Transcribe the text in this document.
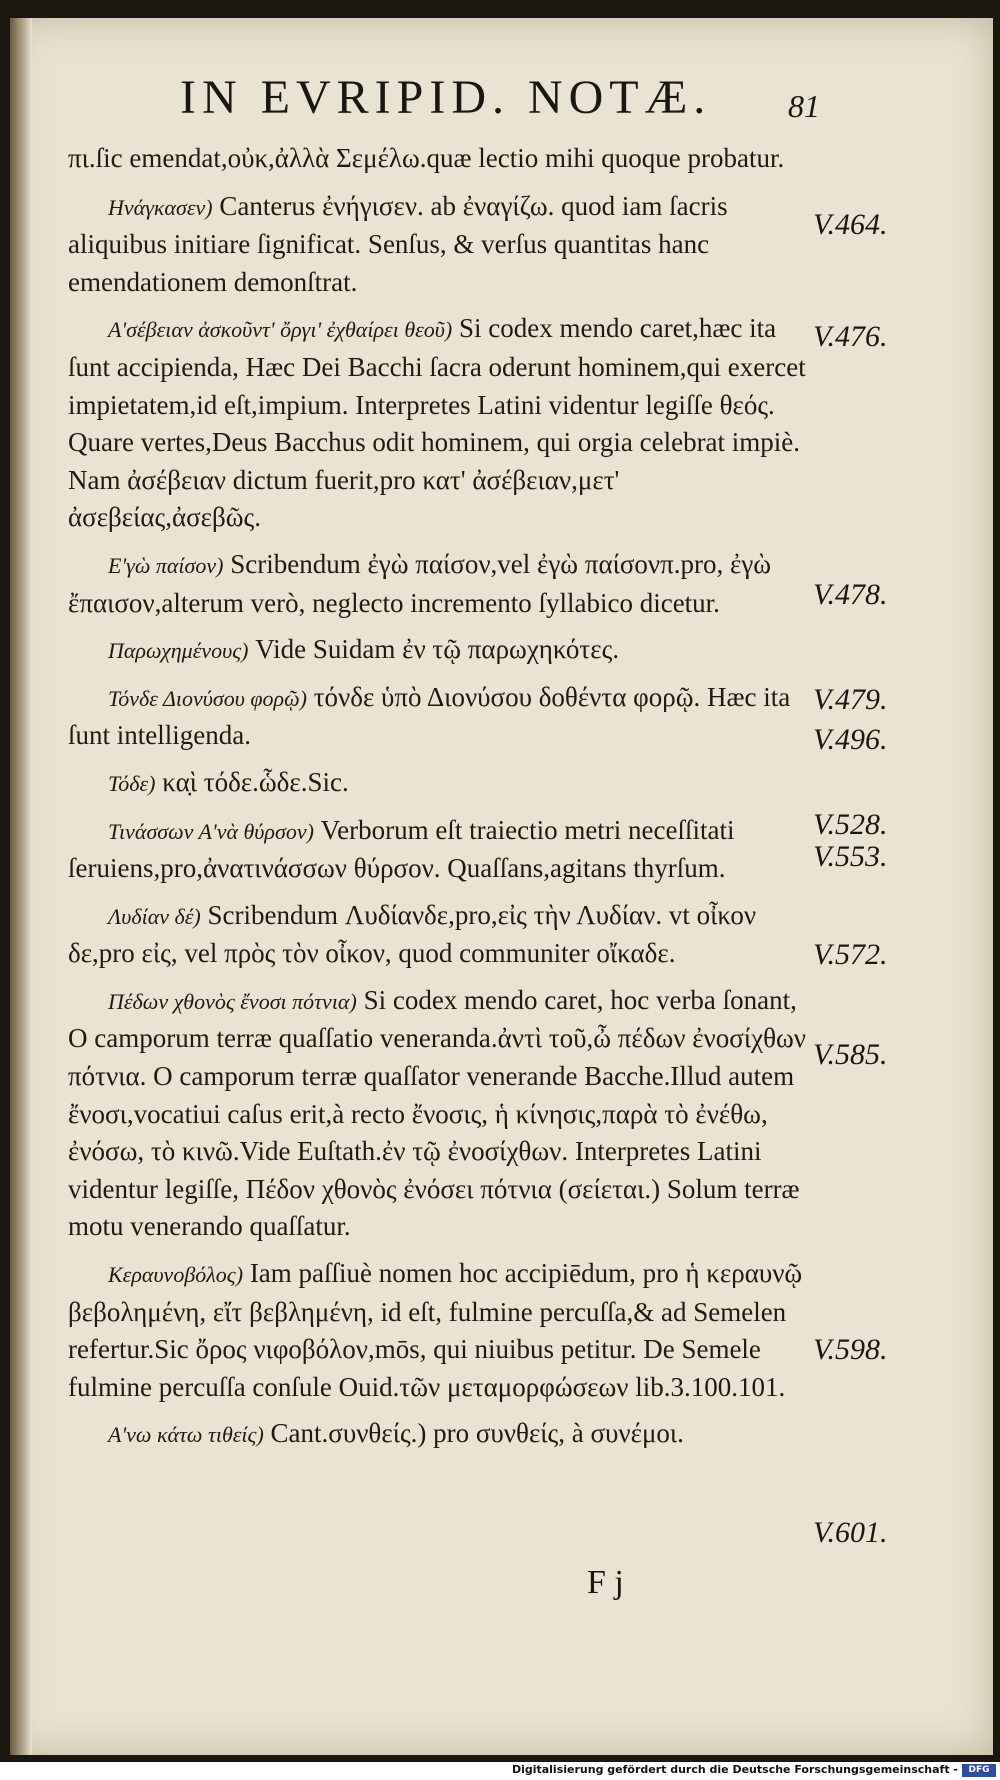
IN EVRIPID. NOTÆ. 81

πι.ſic emendat,οὐκ,ἀλλὰ Σεμέλω.quæ lectio mihi quoque probatur.

Ηνάγκασεν) Canterus ἐνήγισεν. ab ἐναγίζω. quod iam ſacris aliquibus initiare ſignificat. Senſus, & verſus quantitas hanc emendationem demonſtrat.

Α'σέβειαν ἀσκοῦντ' ὄργι' ἐχθαίρει θεοῦ) Si codex mendo caret,hæc ita ſunt accipienda, Hæc Dei Bacchi ſacra oderunt hominem,qui exercet impietatem,id eſt,impium. Interpretes Latini videntur legiſſe θεός. Quare vertes,Deus Bacchus odit hominem, qui orgia celebrat impiè. Nam ἀσέβειαν dictum fuerit,pro κατ' ἀσέβειαν,μετ' ἀσεβείας,ἀσεβῶς.

Ε'γὼ παίσον) Scribendum ἐγὼ παίσον,vel ἐγὼ παίσονπ.pro, ἐγὼ ἔπαισον,alterum verò, neglecto incremento ſyllabico dicetur.

Παρωχημένους) Vide Suidam ἐν τῷ παρωχηκότες.

Τόνδε Διονύσου φορῷ) τόνδε ὑπὸ Διονύσου δοθέντα φορῷ. Hæc ita ſunt intelligenda.

Τόδε) κα̣ὶ τόδε.ὧδε.Sic.

Τινάσσων Α'νὰ θύρσον) Verborum eſt traiectio metri neceſſitati ſeruiens,pro,ἀνατινάσσων θύρσον. Quaſſans,agitans thyrſum.

Λυδίαν δέ) Scribendum Λυδίανδε,pro,εἰς τὴν Λυδίαν. vt οἶκον δε,pro εἰς, vel πρὸς τὸν οἶκον, quod communiter οἴκαδε.

Πέδων χθονὸς ἔνοσι πότνια) Si codex mendo caret, hoc verba ſonant, O camporum terræ quaſſatio veneranda.ἀντὶ τοῦ,ὦ πέδων ἐνοσίχθων πότνια. O camporum terræ quaſſator venerande Bacche.Illud autem ἔνοσι,vocatiui caſus erit,à recto ἔνοσις, ἡ κίνησις,παρὰ τὸ ἐνέθω, ἐνόσω, τὸ κινῶ.Vide Euſtath.ἐν τῷ ἐνοσίχθων. Interpretes Latini videntur legiſſe, Πέδον χθονὸς ἐνόσει πότνια (σείεται.) Solum terræ motu venerando quaſſatur.

Κεραυνοβόλος) Iam paſſiuè nomen hoc accipiēdum, pro ἡ κεραυνῷ βεβολημένη, εἴτ βεβλημένη, id eſt, fulmine percuſſa,& ad Semelen refertur.Sic ὄρος νιφοβόλον,mōs, qui niuibus petitur. De Semele fulmine percuſſa conſule Ouid.τῶν μεταμορφώσεων lib.3.100.101.

Α'νω κάτω τιθείς) Cant.συνθείς.) pro συνθείς, à συνέμοι.

V.464.
V.476.
V.478.
V.479.
V.496.
V.528.
V.553.
V.572.
V.585.
V.598.
V.601.
F j
Digitalisierung gefördert durch die Deutsche Forschungsgemeinschaft -	DFG
